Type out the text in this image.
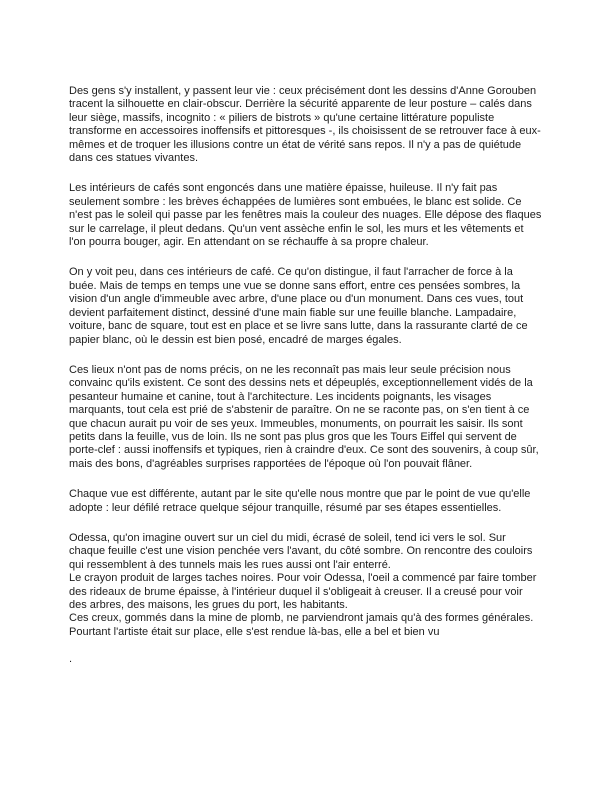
Des gens s'y installent, y passent leur vie : ceux précisément dont les dessins d'Anne Gorouben tracent la silhouette en clair-obscur. Derrière la sécurité apparente de leur posture – calés dans leur siège, massifs, incognito : « piliers de bistrots » qu'une certaine littérature populiste transforme en accessoires inoffensifs et pittoresques -, ils choisissent de se retrouver face à eux-mêmes et de troquer les illusions contre un état de vérité sans repos. Il n'y a pas de quiétude dans ces statues vivantes.

Les intérieurs de cafés sont engoncés dans une matière épaisse, huileuse. Il n'y fait pas seulement sombre : les brèves échappées de lumières sont embuées, le blanc est solide. Ce n'est pas le soleil qui passe par les fenêtres mais la couleur des nuages. Elle dépose des flaques sur le carrelage, il pleut dedans. Qu'un vent assèche enfin le sol, les murs et les vêtements et l'on pourra bouger, agir. En attendant on se réchauffe à sa propre chaleur.

On y voit peu, dans ces intérieurs de café. Ce qu'on distingue, il faut l'arracher de force à la buée. Mais de temps en temps une vue se donne sans effort, entre ces pensées sombres, la vision d'un angle d'immeuble avec arbre, d'une place ou d'un monument. Dans ces vues, tout devient parfaitement distinct, dessiné d'une main fiable sur une feuille blanche. Lampadaire, voiture, banc de square, tout est en place et se livre sans lutte, dans la rassurante clarté de ce papier blanc, où le dessin est bien posé, encadré de marges égales.

Ces lieux n'ont pas de noms précis, on ne les reconnaît pas mais leur seule précision nous convainc qu'ils existent. Ce sont des dessins nets et dépeuplés, exceptionnellement vidés de la pesanteur humaine et canine, tout à l'architecture. Les incidents poignants, les visages marquants, tout cela est prié de s'abstenir de paraître. On ne se raconte pas, on s'en tient à ce que chacun aurait pu voir de ses yeux. Immeubles, monuments, on pourrait les saisir. Ils sont petits dans la feuille, vus de loin. Ils ne sont pas plus gros que les Tours Eiffel qui servent de porte-clef : aussi inoffensifs et typiques, rien à craindre d'eux. Ce sont des souvenirs, à coup sûr, mais des bons, d'agréables surprises rapportées de l'époque où l'on pouvait flâner.

Chaque vue est différente, autant par le site qu'elle nous montre que par le point de vue qu'elle adopte : leur défilé retrace quelque séjour tranquille, résumé par ses étapes essentielles.

Odessa, qu'on imagine ouvert sur un ciel du midi, écrasé de soleil, tend ici vers le sol. Sur chaque feuille c'est une vision penchée vers l'avant, du côté sombre. On rencontre des couloirs qui ressemblent à des tunnels mais les rues aussi ont l'air enterré.

Le crayon produit de larges taches noires. Pour voir Odessa, l'oeil a commencé par faire tomber des rideaux de brume épaisse, à l'intérieur duquel il s'obligeait à creuser. Il a creusé pour voir des arbres, des maisons, les grues du port, les habitants.

Ces creux, gommés dans la mine de plomb, ne parviendront jamais qu'à des formes générales. Pourtant l'artiste était sur place, elle s'est rendue là-bas, elle a bel et bien vu

.
